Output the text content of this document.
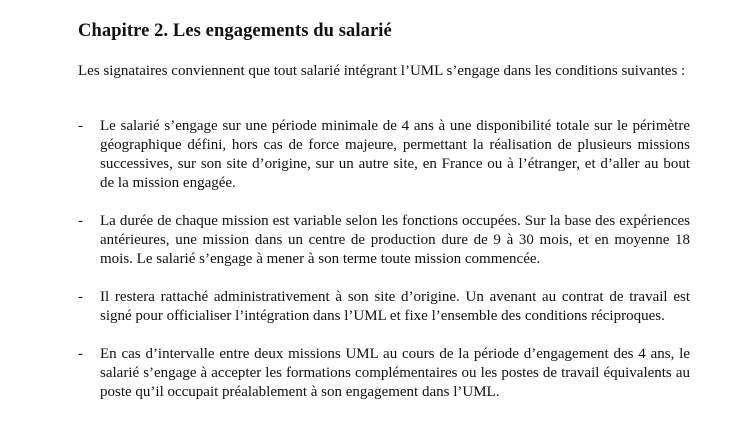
Chapitre 2. Les engagements du salarié

Les signataires conviennent que tout salarié intégrant l’UML s’engage dans les conditions suivantes :

-	Le salarié s’engage sur une période minimale de 4 ans à une disponibilité totale sur le périmètre géographique défini, hors cas de force majeure, permettant la réalisation de plusieurs missions successives, sur son site d’origine, sur un autre site, en France ou à l’étranger, et d’aller au bout de la mission engagée.
-	La durée de chaque mission est variable selon les fonctions occupées. Sur la base des expériences antérieures, une mission dans un centre de production dure de 9 à 30 mois, et en moyenne 18 mois. Le salarié s’engage à mener à son terme toute mission commencée.
-	Il restera rattaché administrativement à son site d’origine. Un avenant au contrat de travail est signé pour officialiser l’intégration dans l’UML et fixe l’ensemble des conditions réciproques.
-	En cas d’intervalle entre deux missions UML au cours de la période d’engagement des 4 ans, le salarié s’engage à accepter les formations complémentaires ou les postes de travail équivalents au poste qu’il occupait préalablement à son engagement dans l’UML.
